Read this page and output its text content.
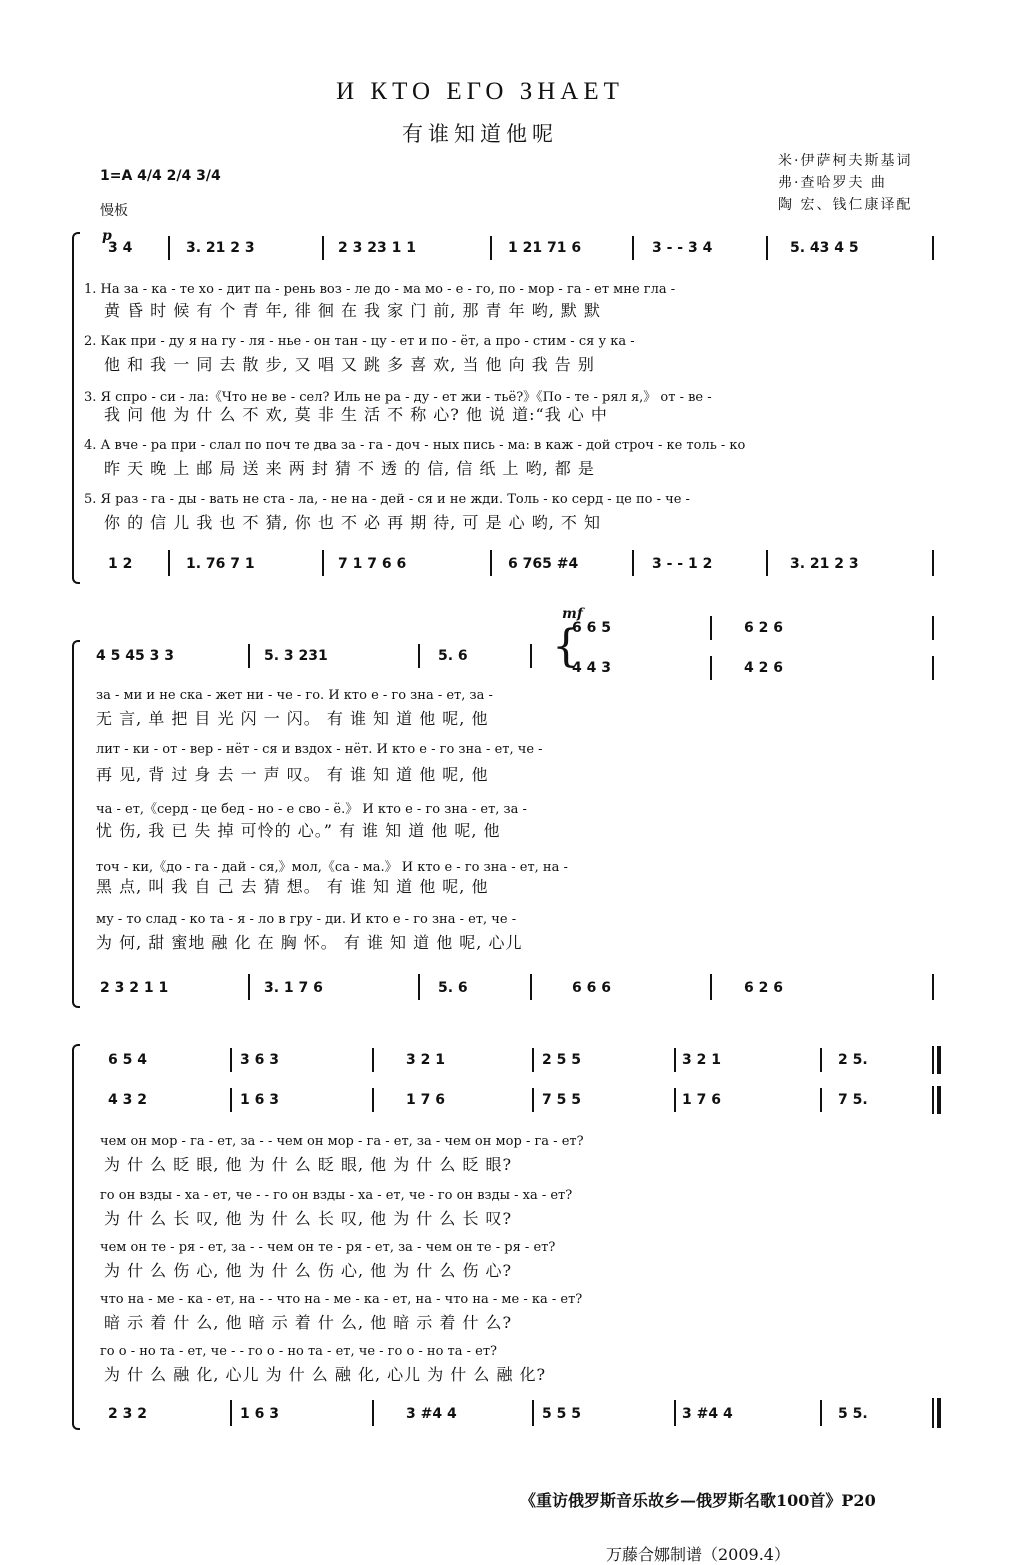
И КТО ЕГО ЗНАЕТ
有谁知道他呢
米·伊萨柯夫斯基词
弗·查哈罗夫 曲
陶 宏、钱仁康译配
1=A 4/4 2/4 3/4
慢板
p
3 4	3. 21 2 3	2 3 23 1 1	1 21 71 6	3 - - 3 4	5. 43 4 5
1. На за - ка - те хо - дит па - рень воз - ле до - ма мо - е - го, по - мор - га - ет мне гла -
黄 昏 时 候 有 个 青 年, 徘 徊 在 我 家 门 前, 那 青 年 哟, 默 默
2. Как при - ду я на гу - ля - нье - он тан - цу - ет и по - ёт, а про - стим - ся у ка -
他 和 我 一 同 去 散 步, 又 唱 又 跳 多 喜 欢, 当 他 向 我 告 别
3. Я спро - си - ла:《Что не ве - сел? Иль не ра - ду - ет жи - тьё?》《По - те - рял я,》 от - ве -
我 问 他 为 什 么 不 欢, 莫 非 生 活 不 称 心? 他 说 道:“我 心 中
4. А вче - ра при - слал по поч те два за - га - доч - ных пись - ма: в каж - дой строч - ке толь - ко
昨 天 晚 上 邮 局 送 来 两 封 猜 不 透 的 信, 信 纸 上 哟, 都 是
5. Я раз - га - ды - вать не ста - ла, - не на - дей - ся и не жди. Толь - ко серд - це по - че -
你 的 信 儿 我 也 不 猜, 你 也 不 必 再 期 待, 可 是 心 哟, 不 知
1 2	1. 76 7 1	7 1 7 6 6	6 765 #4	3 - - 1 2	3. 21 2 3
mf
{
4 5 45 3 3	5. 3 231	5. 6
6 6 5	6 2 6
4 4 3	4 2 6
за - ми и не ска - жет ни - че - го. И кто е - го зна - ет, за -
无 言, 单 把 目 光 闪 一 闪。 有 谁 知 道 他 呢, 他
лит - ки - от - вер - нёт - ся и вздох - нёт. И кто е - го зна - ет, че -
再 见, 背 过 身 去 一 声 叹。 有 谁 知 道 他 呢, 他
ча - ет,《серд - це бед - но - е сво - ё.》 И кто е - го зна - ет, за -
忧 伤, 我 已 失 掉 可怜的 心。” 有 谁 知 道 他 呢, 他
точ - ки,《до - га - дай - ся,》мол,《са - ма.》 И кто е - го зна - ет, на -
黑 点, 叫 我 自 己 去 猜 想。 有 谁 知 道 他 呢, 他
му - то слад - ко та - я - ло в гру - ди. И кто е - го зна - ет, че -
为 何, 甜 蜜地 融 化 在 胸 怀。 有 谁 知 道 他 呢, 心儿
2 3 2 1 1	3. 1 7 6	5. 6	6 6 6	6 2 6
6 5 4	3 6 3	3 2 1	2 5 5	3 2 1	2 5.
4 3 2	1 6 3	1 7 6	7 5 5	1 7 6	7 5.
чем он мор - га - ет, за - - чем он мор - га - ет, за - чем он мор - га - ет?
为 什 么 眨 眼, 他 为 什 么 眨 眼, 他 为 什 么 眨 眼?
го он взды - ха - ет, че - - го он взды - ха - ет, че - го он взды - ха - ет?
为 什 么 长 叹, 他 为 什 么 长 叹, 他 为 什 么 长 叹?
чем он те - ря - ет, за - - чем он те - ря - ет, за - чем он те - ря - ет?
为 什 么 伤 心, 他 为 什 么 伤 心, 他 为 什 么 伤 心?
что на - ме - ка - ет, на - - что на - ме - ка - ет, на - что на - ме - ка - ет?
暗 示 着 什 么, 他 暗 示 着 什 么, 他 暗 示 着 什 么?
го о - но та - ет, че - - го о - но та - ет, че - го о - но та - ет?
为 什 么 融 化, 心儿 为 什 么 融 化, 心儿 为 什 么 融 化?
2 3 2	1 6 3	3 #4 4	5 5 5	3 #4 4	5 5.
《重访俄罗斯音乐故乡—俄罗斯名歌100首》P20
万藤合娜制谱（2009.4）
